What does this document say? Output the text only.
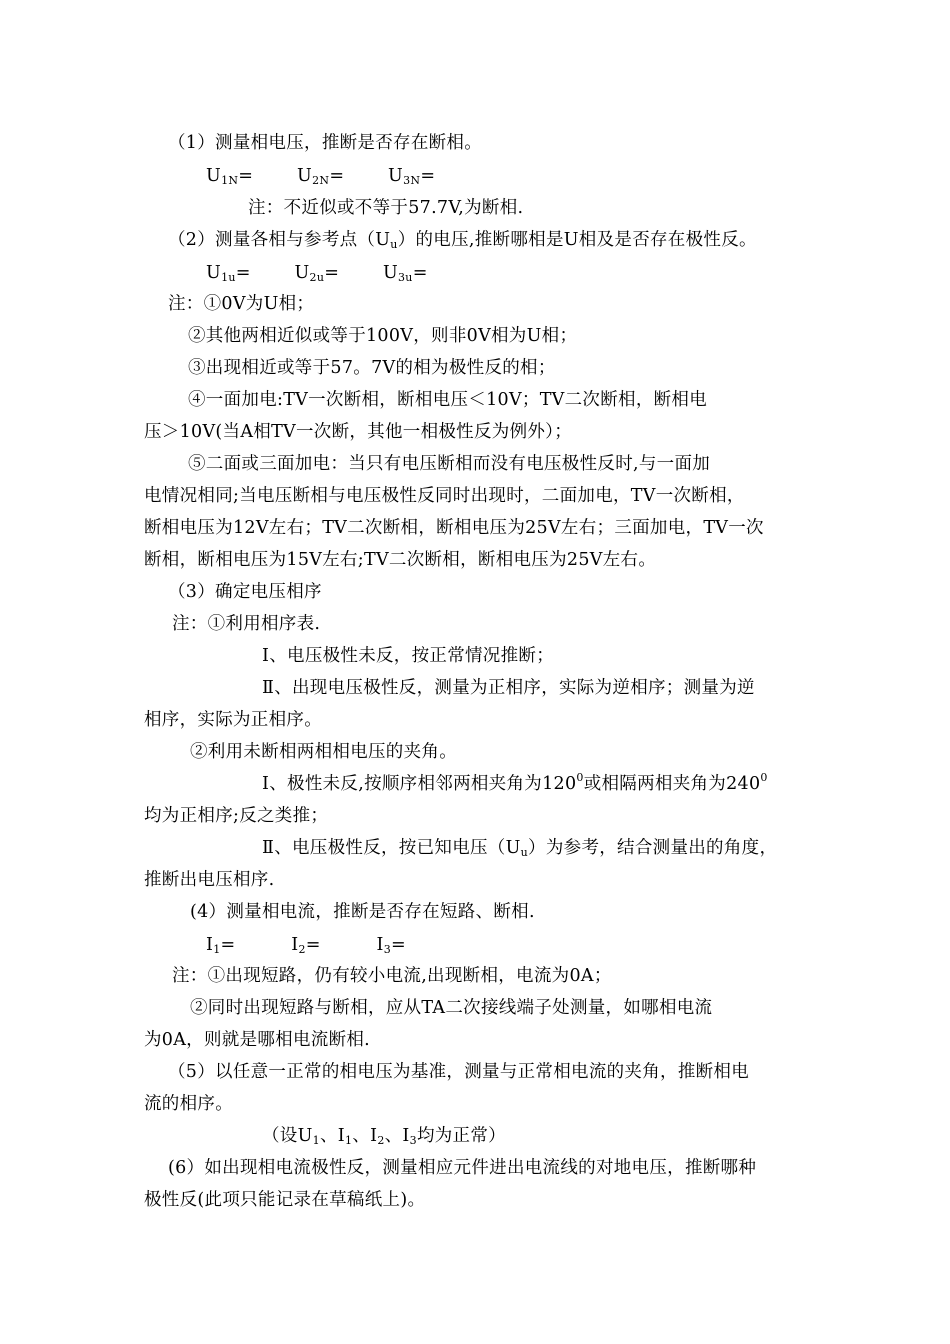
（1）测量相电压，推断是否存在断相。
$U_{1N}=$	$U_{2N}=$	$U_{3N}=$
注：不近似或不等于57.7V,为断相.
（2）测量各相与参考点$(U_u)$的电压,推断哪相是U相及是否存在极性反。
$U_{1u}=$	$U_{2u}=$	$U_{3u}=$
注：①0V为U相；
②其他两相近似或等于100V，则非0V相为U相；
③出现相近或等于57。7V的相为极性反的相；
④一面加电:TV一次断相，断相电压＜10V；TV二次断相，断相电
压＞10V(当A相TV一次断，其他一相极性反为例外）；
⑤二面或三面加电：当只有电压断相而没有电压极性反时,与一面加
电情况相同;当电压断相与电压极性反同时出现时，二面加电，TV一次断相，
断相电压为12V左右；TV二次断相，断相电压为25V左右；三面加电，TV一次
断相，断相电压为15V左右;TV二次断相，断相电压为25V左右。
（3）确定电压相序
注：①利用相序表.
Ⅰ、电压极性未反，按正常情况推断；
Ⅱ、出现电压极性反，测量为正相序，实际为逆相序；测量为逆
相序，实际为正相序。
②利用未断相两相相电压的夹角。
Ⅰ、极性未反,按顺序相邻两相夹角为$120^0$或相隔两相夹角为$240^0$
均为正相序;反之类推；
Ⅱ、电压极性反，按已知电压$(U_u)$为参考，结合测量出的角度，
推断出电压相序.
(4）测量相电流，推断是否存在短路、断相.
$I_1=$	$I_2=$	$I_3=$
注：①出现短路，仍有较小电流,出现断相，电流为0A；
②同时出现短路与断相，应从TA二次接线端子处测量，如哪相电流
为0A，则就是哪相电流断相.
（5）以任意一正常的相电压为基准，测量与正常相电流的夹角，推断相电
流的相序。
（设$U_1$、$I_1$、$I_2$、$I_3$均为正常）
(6）如出现相电流极性反，测量相应元件进出电流线的对地电压，推断哪种
极性反(此项只能记录在草稿纸上)。
